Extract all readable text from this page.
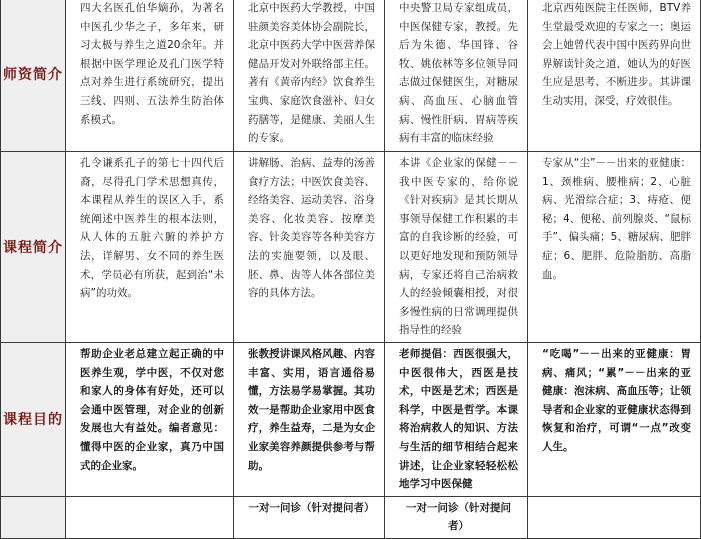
师资简介	四大名医孔伯华嫡孙，为著名中医孔少华之子，多年来，研习太极与养生之道20余年。并根据中医学理论及孔门医学特点对养生进行系统研究，提出三线、四则、五法养生防治体系模式。	北京中医药大学教授，中国驻颜美容美体协会副院长，北京中医药大学中医营养保健品开发对外联络部主任。著有《黄帝内经》饮食养生宝典、家庭饮食滋补、妇女药膳等，是健康、美丽人生的专家。	中央警卫局专家组成员，中医保健专家，教授。先后为朱德、华国锋、谷牧、姚依林等多位领导同志做过保健医生，对糖尿病、高血压、心脑血管病、慢性肝病、胃病等疾病有丰富的临床经验	北京西苑医院主任医师，BTV养生堂最受欢迎的专家之一；奥运会上她曾代表中国中医药界向世界解读针灸之道，她认为的好医生应是思考、不断进步。其讲课生动实用，深受，疗效很佳。

课程简介	孔令谦系孔子的第七十四代后裔，尽得孔门学术思想真传，本课程从养生的误区入手，系统阐述中医养生的根本法则，从人体的五脏六腑的养护方法，详解男、女不同的养生医术，学员必有所获，起到治“未病”的功效。	讲解肠、治病、益寿的汤善食疗方法；中医饮食美容、经络美容、运动美容、浴身美容、化妆美容、按摩美容、针灸美容等各种美容方法的实施要领，以及眼、胚、鼻、齿等人体各部位美容的具体方法。	本讲《企业家的保健－－我中医专家的，给你说《针对疾病》是其长期从事领导保健工作积累的丰富的自我诊断的经验，可以更好地发现和预防领导病，专家还将自己治病救人的经验倾囊相授，对很多慢性病的日常调理提供指导性的经验	专家从“尘”－－出来的亚健康：1、颈椎病、腰椎病；2、心脏病、光滑综合症；3、痔疮、便秘；4、便秘、前列腺炎、“鼠标手”、偏头痛；5、糖尿病、肥胖症；6、肥胖、危险脂肪、高脂血。

课程目的	帮助企业老总建立起正确的中医养生观，学中医，不仅对您和家人的身体有好处，还可以会通中医管理，对企业的创新发展也大有益处。编者意见：懂得中医的企业家，真乃中国式的企业家。	张教授讲课风格风趣、内容丰富、实用，语言通俗易懂，方法易学易掌握。其功效一是帮助企业家用中医食疗，养生益寿，二是为女企业家美容养颜提供参考与帮助。	老师提倡：西医很强大，中医很伟大，西医是技术，中医是艺术；西医是科学，中医是哲学。本课将治病救人的知识、方法与生活的细节相结合起来讲述，让企业家轻轻松松地学习中医保健	“吃喝”－－出来的亚健康：胃病、痛风；“累”－－出来的亚健康：泡沫病、高血压等；让领导者和企业家的亚健康状态得到恢复和治疗，可谓“一点”改变人生。

		一对一问诊（针对提问者）	一对一问诊（针对提问者）	
